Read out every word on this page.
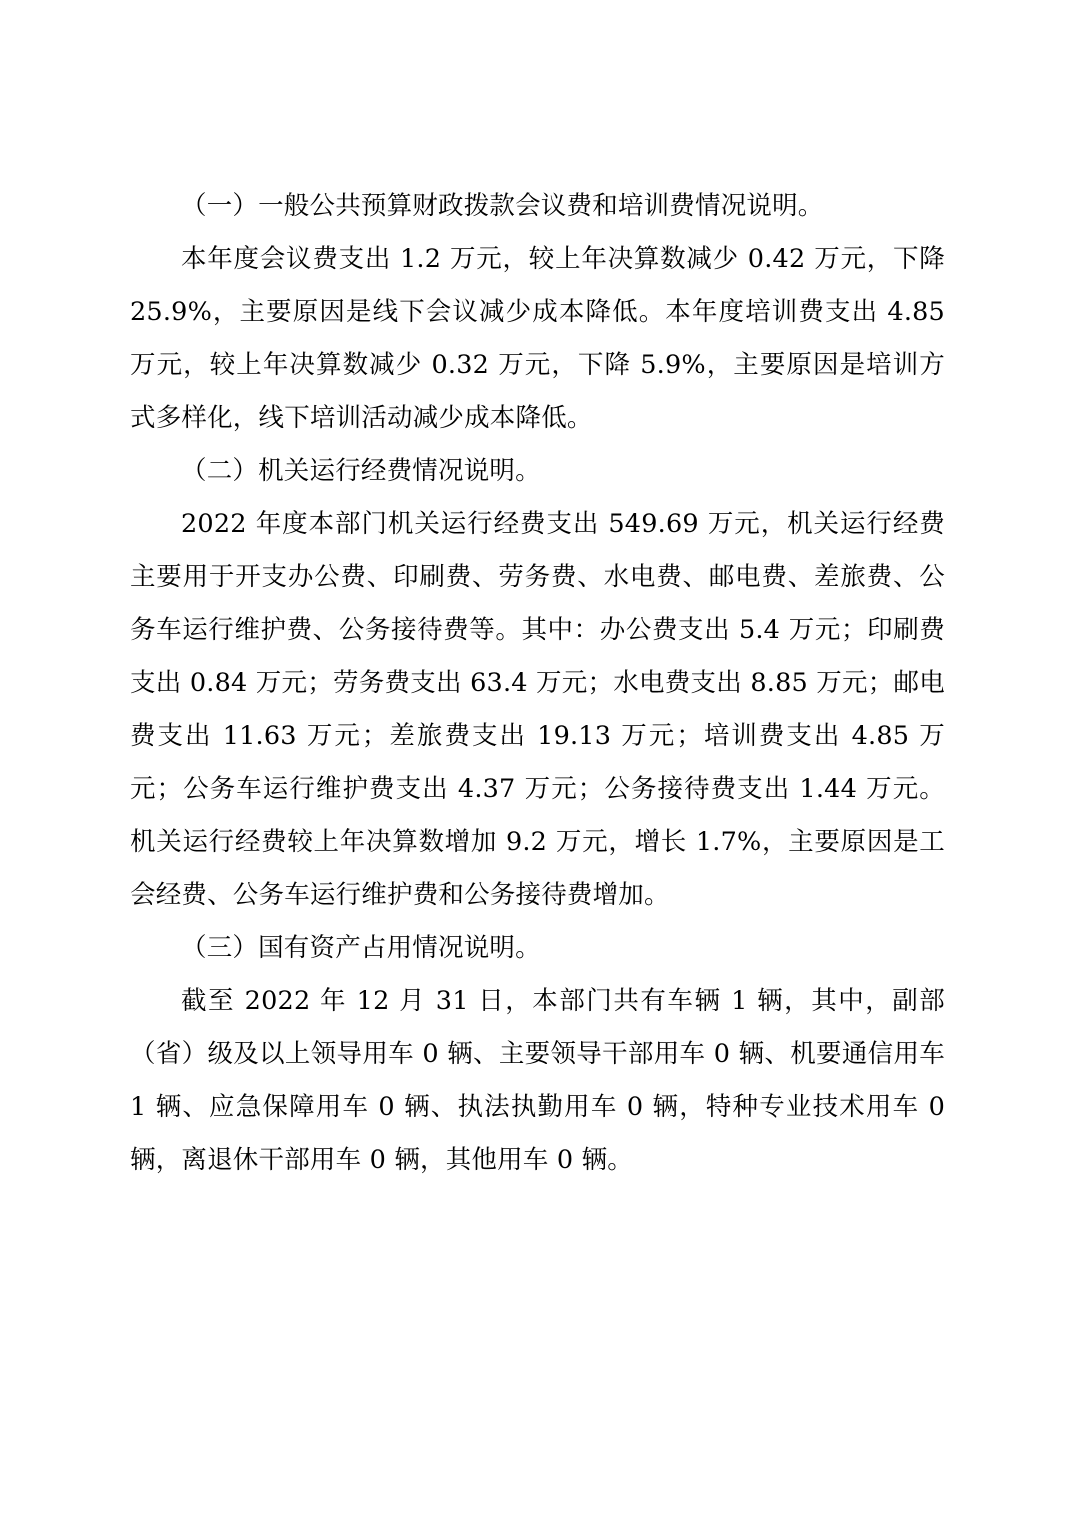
（一）一般公共预算财政拨款会议费和培训费情况说明。

本年度会议费支出 1.2 万元，较上年决算数减少 0.42 万元，下降 25.9%，主要原因是线下会议减少成本降低。本年度培训费支出 4.85 万元，较上年决算数减少 0.32 万元，下降 5.9%，主要原因是培训方式多样化，线下培训活动减少成本降低。

（二）机关运行经费情况说明。

2022 年度本部门机关运行经费支出 549.69 万元，机关运行经费主要用于开支办公费、印刷费、劳务费、水电费、邮电费、差旅费、公务车运行维护费、公务接待费等。其中：办公费支出 5.4 万元；印刷费支出 0.84 万元；劳务费支出 63.4 万元；水电费支出 8.85 万元；邮电费支出 11.63 万元；差旅费支出 19.13 万元；培训费支出 4.85 万元；公务车运行维护费支出 4.37 万元；公务接待费支出 1.44 万元。机关运行经费较上年决算数增加 9.2 万元，增长 1.7%，主要原因是工会经费、公务车运行维护费和公务接待费增加。

（三）国有资产占用情况说明。

截至 2022 年 12 月 31 日，本部门共有车辆 1 辆，其中，副部（省）级及以上领导用车 0 辆、主要领导干部用车 0 辆、机要通信用车 1 辆、应急保障用车 0 辆、执法执勤用车 0 辆，特种专业技术用车 0 辆，离退休干部用车 0 辆，其他用车 0 辆。
